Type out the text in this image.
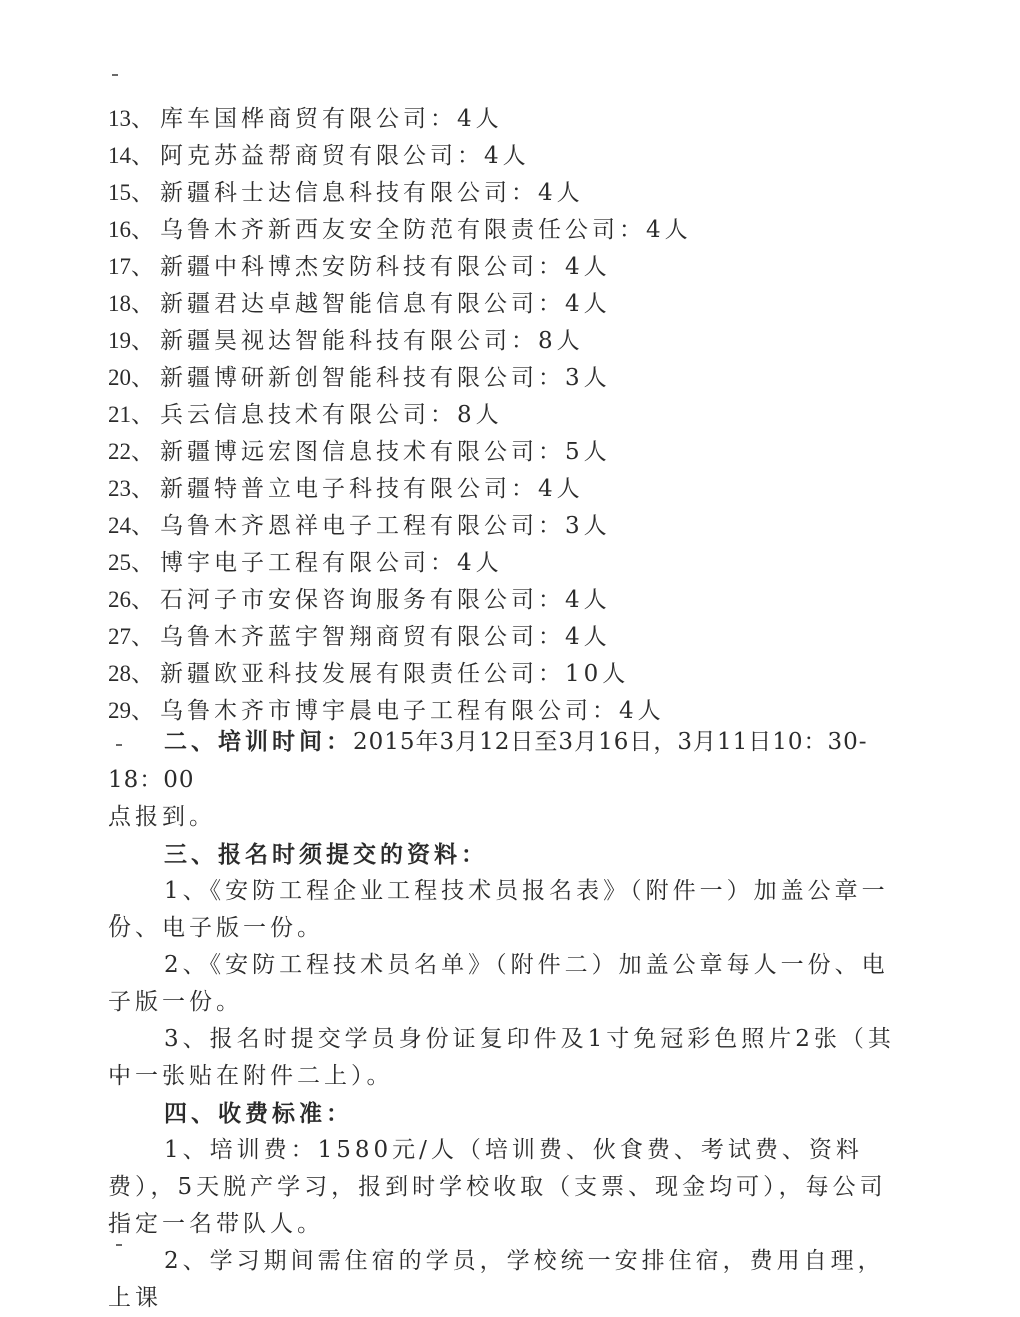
13、 库车国桦商贸有限公司：4人
14、 阿克苏益帮商贸有限公司：4人
15、 新疆科士达信息科技有限公司：4人
16、 乌鲁木齐新西友安全防范有限责任公司：4人
17、 新疆中科博杰安防科技有限公司：4人
18、 新疆君达卓越智能信息有限公司：4人
19、 新疆昊视达智能科技有限公司：8人
20、 新疆博研新创智能科技有限公司：3人
21、 兵云信息技术有限公司：8人
22、 新疆博远宏图信息技术有限公司：5人
23、 新疆特普立电子科技有限公司：4人
24、 乌鲁木齐恩祥电子工程有限公司：3人
25、 博宇电子工程有限公司：4人
26、 石河子市安保咨询服务有限公司：4人
27、 乌鲁木齐蓝宇智翔商贸有限公司：4人
28、 新疆欧亚科技发展有限责任公司：10人
29、 乌鲁木齐市博宇晨电子工程有限公司：4人
二、培训时间：2015年3月12日至3月16日，3月11日10：30-18：00
点报到。
三、报名时须提交的资料：
1、《安防工程企业工程技术员报名表》（附件一）加盖公章一份、电子版一份。
2、《安防工程技术员名单》（附件二）加盖公章每人一份、电子版一份。
3、报名时提交学员身份证复印件及1寸免冠彩色照片2张（其中一张贴在附件二上）。
四、收费标准：
1、培训费：1580元/人（培训费、伙食费、考试费、资料费），5天脱产学习，报到时学校收取（支票、现金均可），每公司指定一名带队人。
2、学习期间需住宿的学员，学校统一安排住宿，费用自理，上课
